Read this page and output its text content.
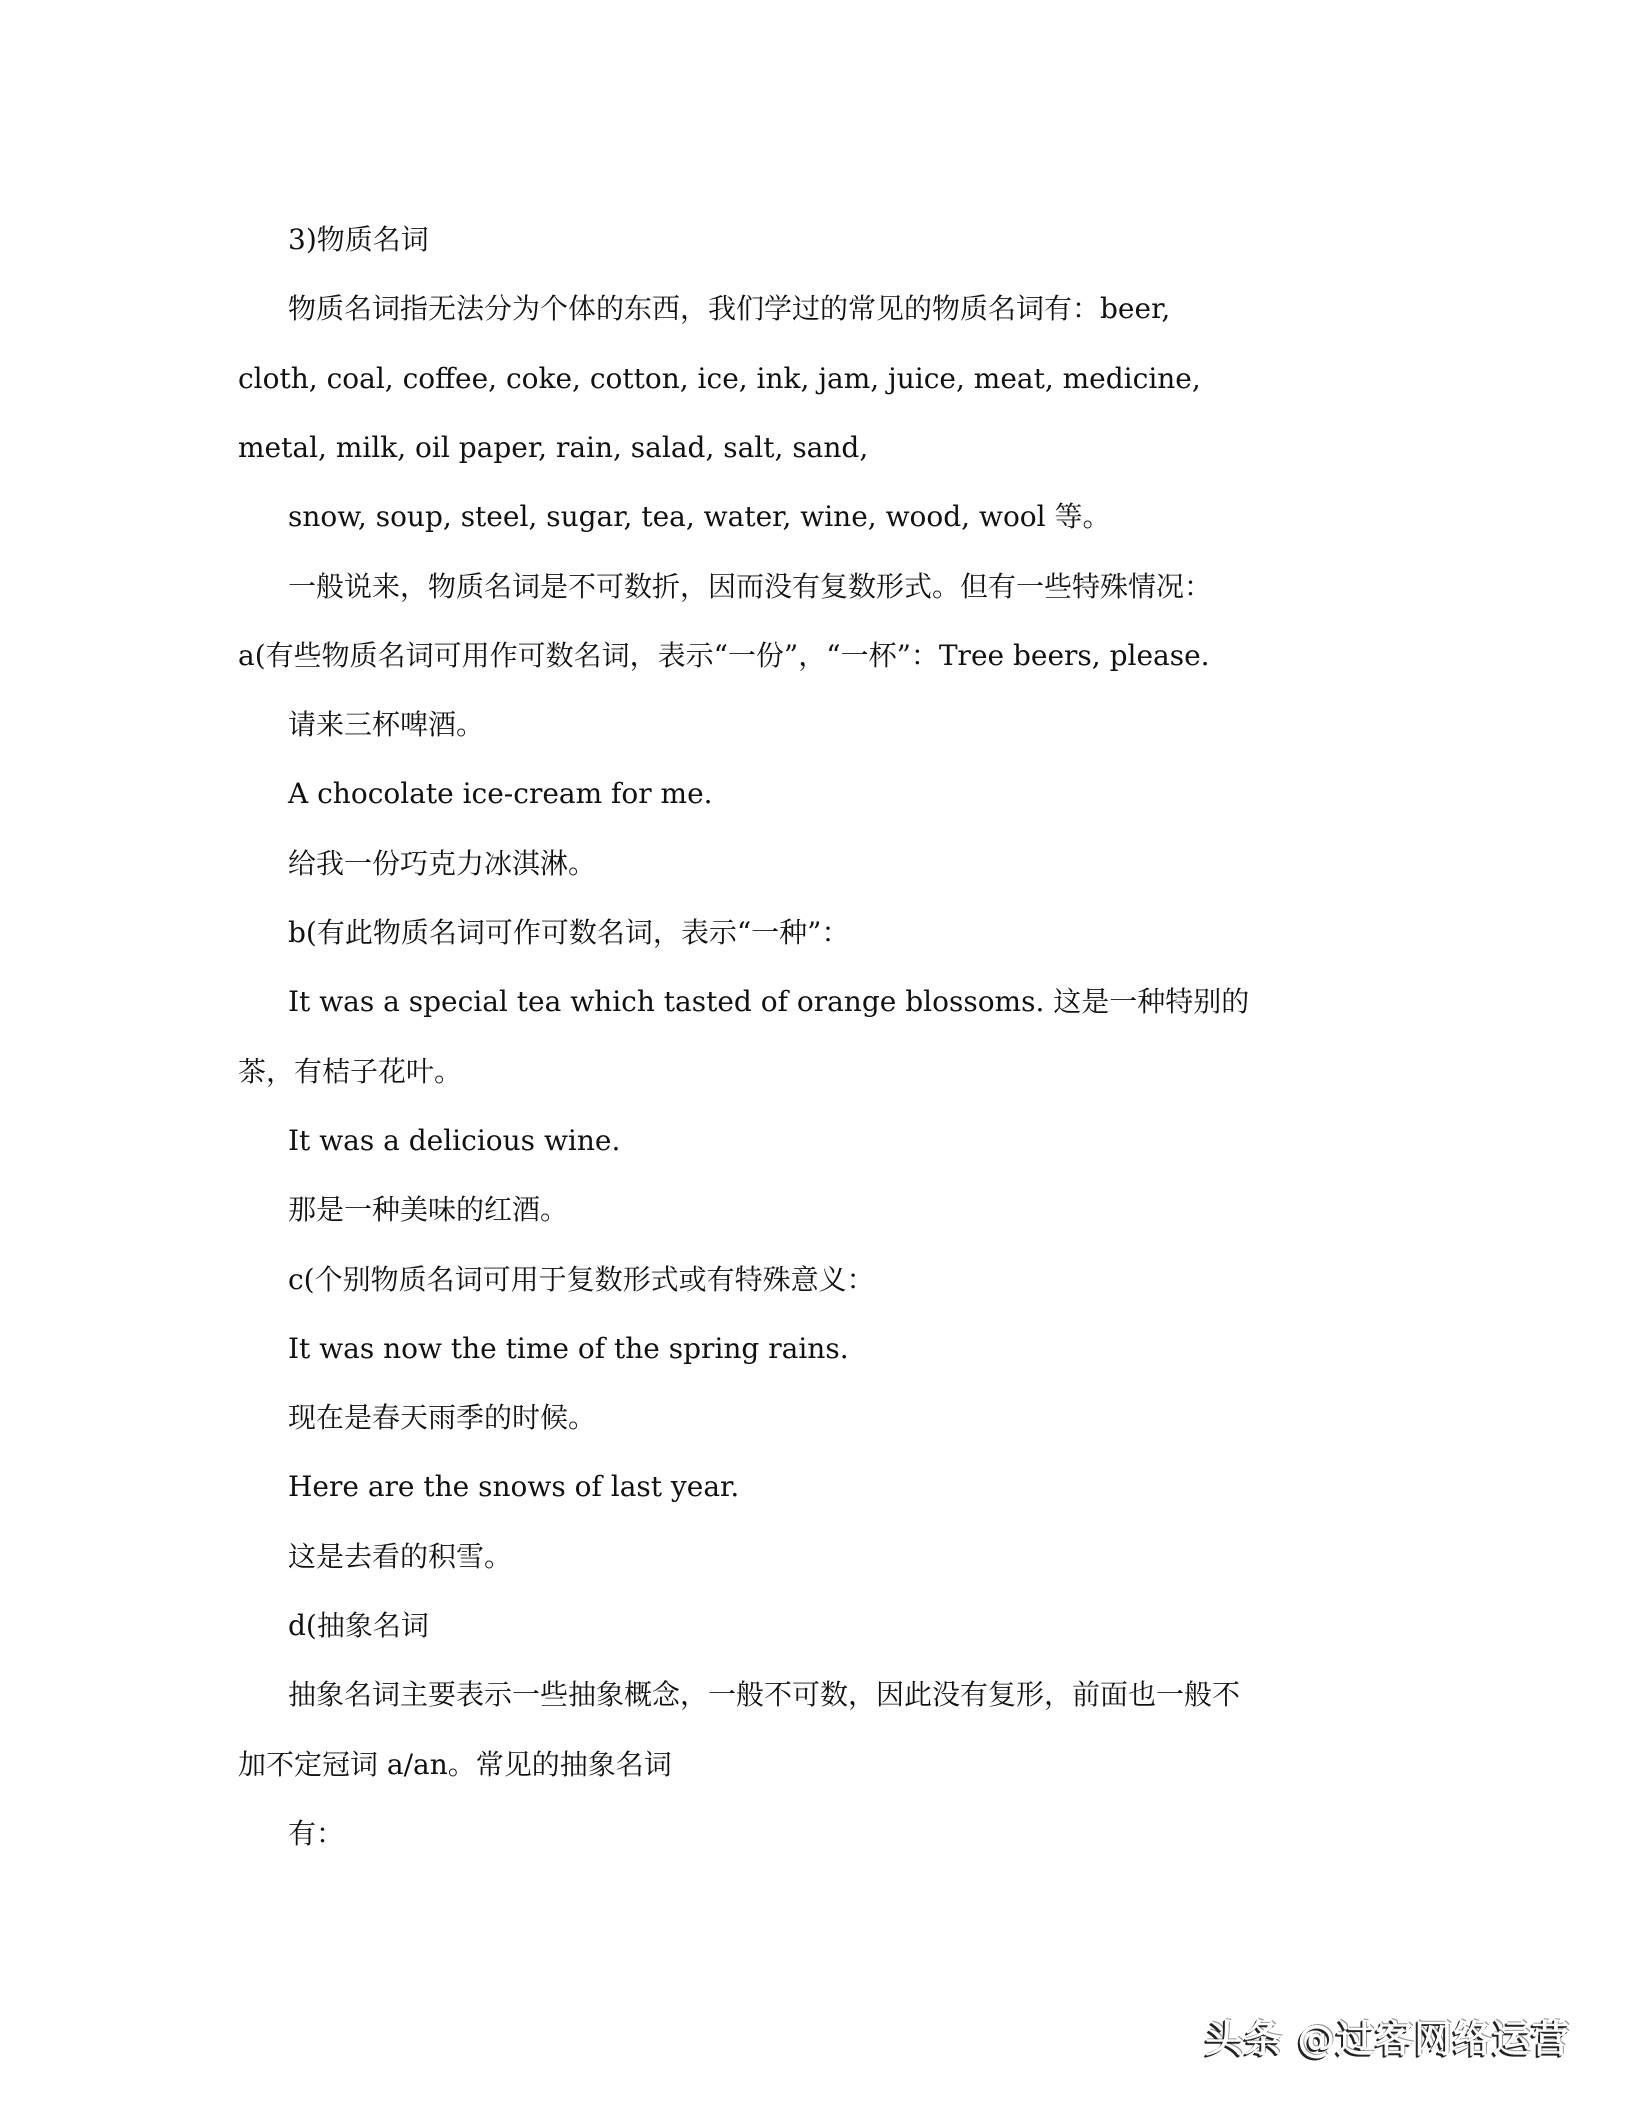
3)物质名词
物质名词指无法分为个体的东西，我们学过的常见的物质名词有：beer,
cloth, coal, coffee, coke, cotton, ice, ink, jam, juice, meat, medicine,
metal, milk, oil paper, rain, salad, salt, sand,
snow, soup, steel, sugar, tea, water, wine, wood, wool 等。
一般说来，物质名词是不可数折，因而没有复数形式。但有一些特殊情况：
a(有些物质名词可用作可数名词，表示“一份”，“一杯”：Tree beers, please.
请来三杯啤酒。
A chocolate ice-cream for me.
给我一份巧克力冰淇淋。
b(有此物质名词可作可数名词，表示“一种”：
It was a special tea which tasted of orange blossoms. 这是一种特别的
茶，有桔子花叶。
It was a delicious wine.
那是一种美味的红酒。
c(个别物质名词可用于复数形式或有特殊意义：
It was now the time of the spring rains.
现在是春天雨季的时候。
Here are the snows of last year.
这是去看的积雪。
d(抽象名词
抽象名词主要表示一些抽象概念，一般不可数，因此没有复形，前面也一般不
加不定冠词 a/an。常见的抽象名词
有：
头条 @过客网络运营
